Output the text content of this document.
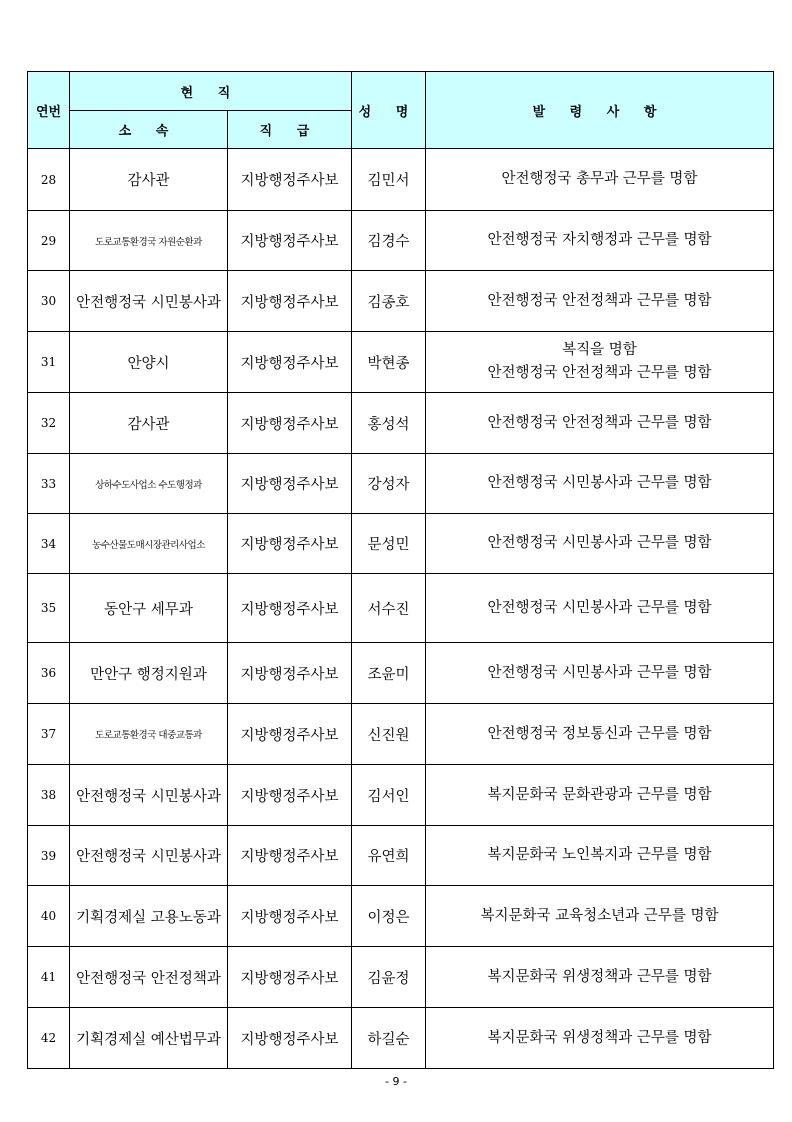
연번	현 직		성 명	발 령 사 항
	소 속	직 급		
28	감사관	지방행정주사보	김민서	안전행정국 총무과 근무를 명함

29	도로교통환경국 자원순환과	지방행정주사보	김경수	안전행정국 자치행정과 근무를 명함

30	안전행정국 시민봉사과	지방행정주사보	김종호	안전행정국 안전정책과 근무를 명함

31	안양시	지방행정주사보	박현종	복직을 명함
안전행정국 안전정책과 근무를 명함

32	감사관	지방행정주사보	홍성석	안전행정국 안전정책과 근무를 명함

33	상하수도사업소 수도행정과	지방행정주사보	강성자	안전행정국 시민봉사과 근무를 명함

34	농수산물도매시장관리사업소	지방행정주사보	문성민	안전행정국 시민봉사과 근무를 명함

35	동안구 세무과	지방행정주사보	서수진	안전행정국 시민봉사과 근무를 명함

36	만안구 행정지원과	지방행정주사보	조윤미	안전행정국 시민봉사과 근무를 명함

37	도로교통환경국 대중교통과	지방행정주사보	신진원	안전행정국 정보통신과 근무를 명함

38	안전행정국 시민봉사과	지방행정주사보	김서인	복지문화국 문화관광과 근무를 명함

39	안전행정국 시민봉사과	지방행정주사보	유연희	복지문화국 노인복지과 근무를 명함

40	기획경제실 고용노동과	지방행정주사보	이정은	복지문화국 교육청소년과 근무를 명함

41	안전행정국 안전정책과	지방행정주사보	김윤정	복지문화국 위생정책과 근무를 명함

42	기획경제실 예산법무과	지방행정주사보	하길순	복지문화국 위생정책과 근무를 명함
- 9 -
